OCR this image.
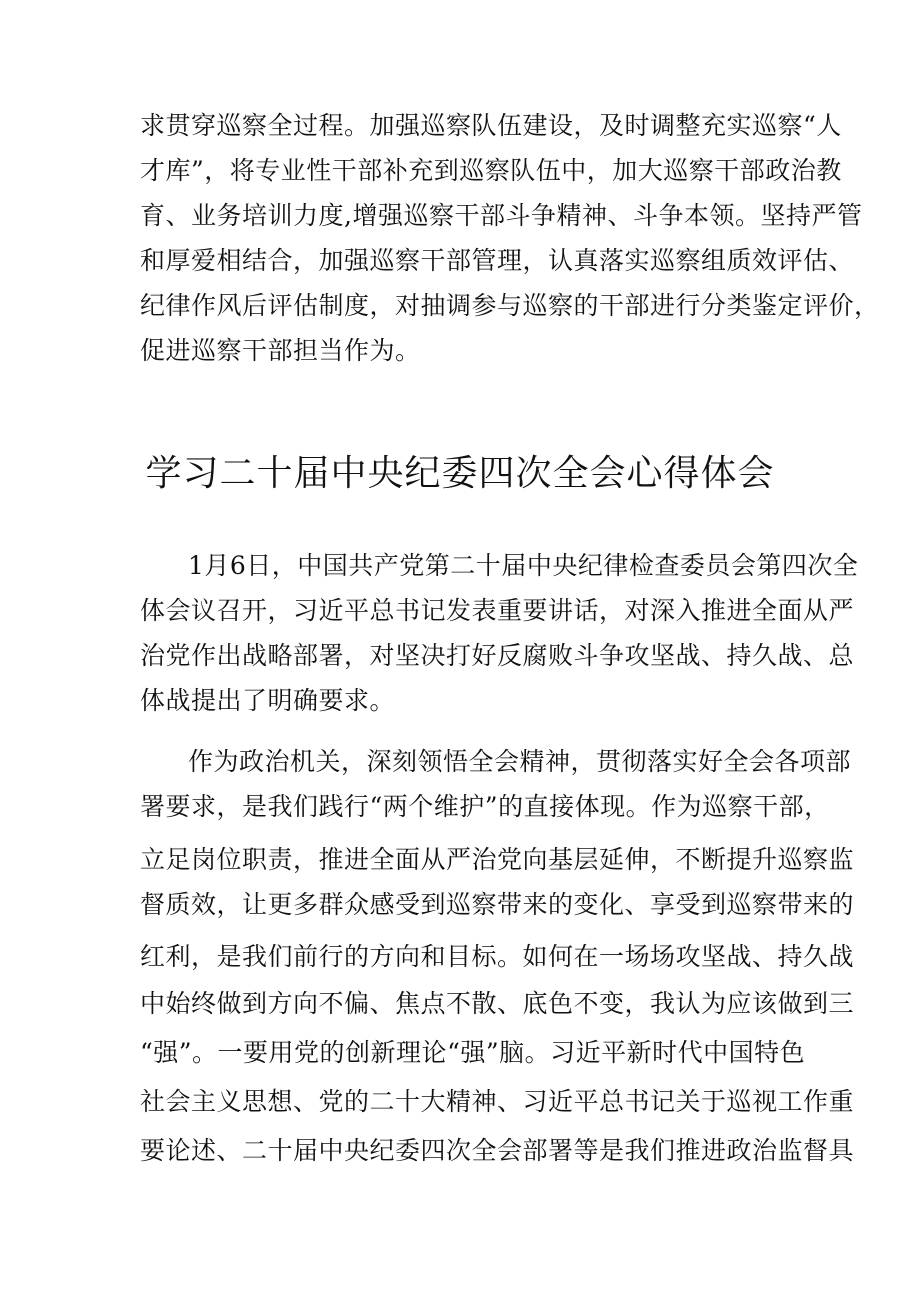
求贯穿巡察全过程。加强巡察队伍建设，及时调整充实巡察“人
才库”，将专业性干部补充到巡察队伍中，加大巡察干部政治教
育、业务培训力度,增强巡察干部斗争精神、斗争本领。坚持严管
和厚爱相结合，加强巡察干部管理，认真落实巡察组质效评估、
纪律作风后评估制度，对抽调参与巡察的干部进行分类鉴定评价，
促进巡察干部担当作为。
学习二十届中央纪委四次全会心得体会
1月6日，中国共产党第二十届中央纪律检查委员会第四次全
体会议召开，习近平总书记发表重要讲话，对深入推进全面从严
治党作出战略部署，对坚决打好反腐败斗争攻坚战、持久战、总
体战提出了明确要求。
作为政治机关，深刻领悟全会精神，贯彻落实好全会各项部
署要求，是我们践行“两个维护”的直接体现。作为巡察干部，
立足岗位职责，推进全面从严治党向基层延伸，不断提升巡察监
督质效，让更多群众感受到巡察带来的变化、享受到巡察带来的
红利，是我们前行的方向和目标。如何在一场场攻坚战、持久战
中始终做到方向不偏、焦点不散、底色不变，我认为应该做到三
“强”。一要用党的创新理论“强”脑。习近平新时代中国特色
社会主义思想、党的二十大精神、习近平总书记关于巡视工作重
要论述、二十届中央纪委四次全会部署等是我们推进政治监督具
